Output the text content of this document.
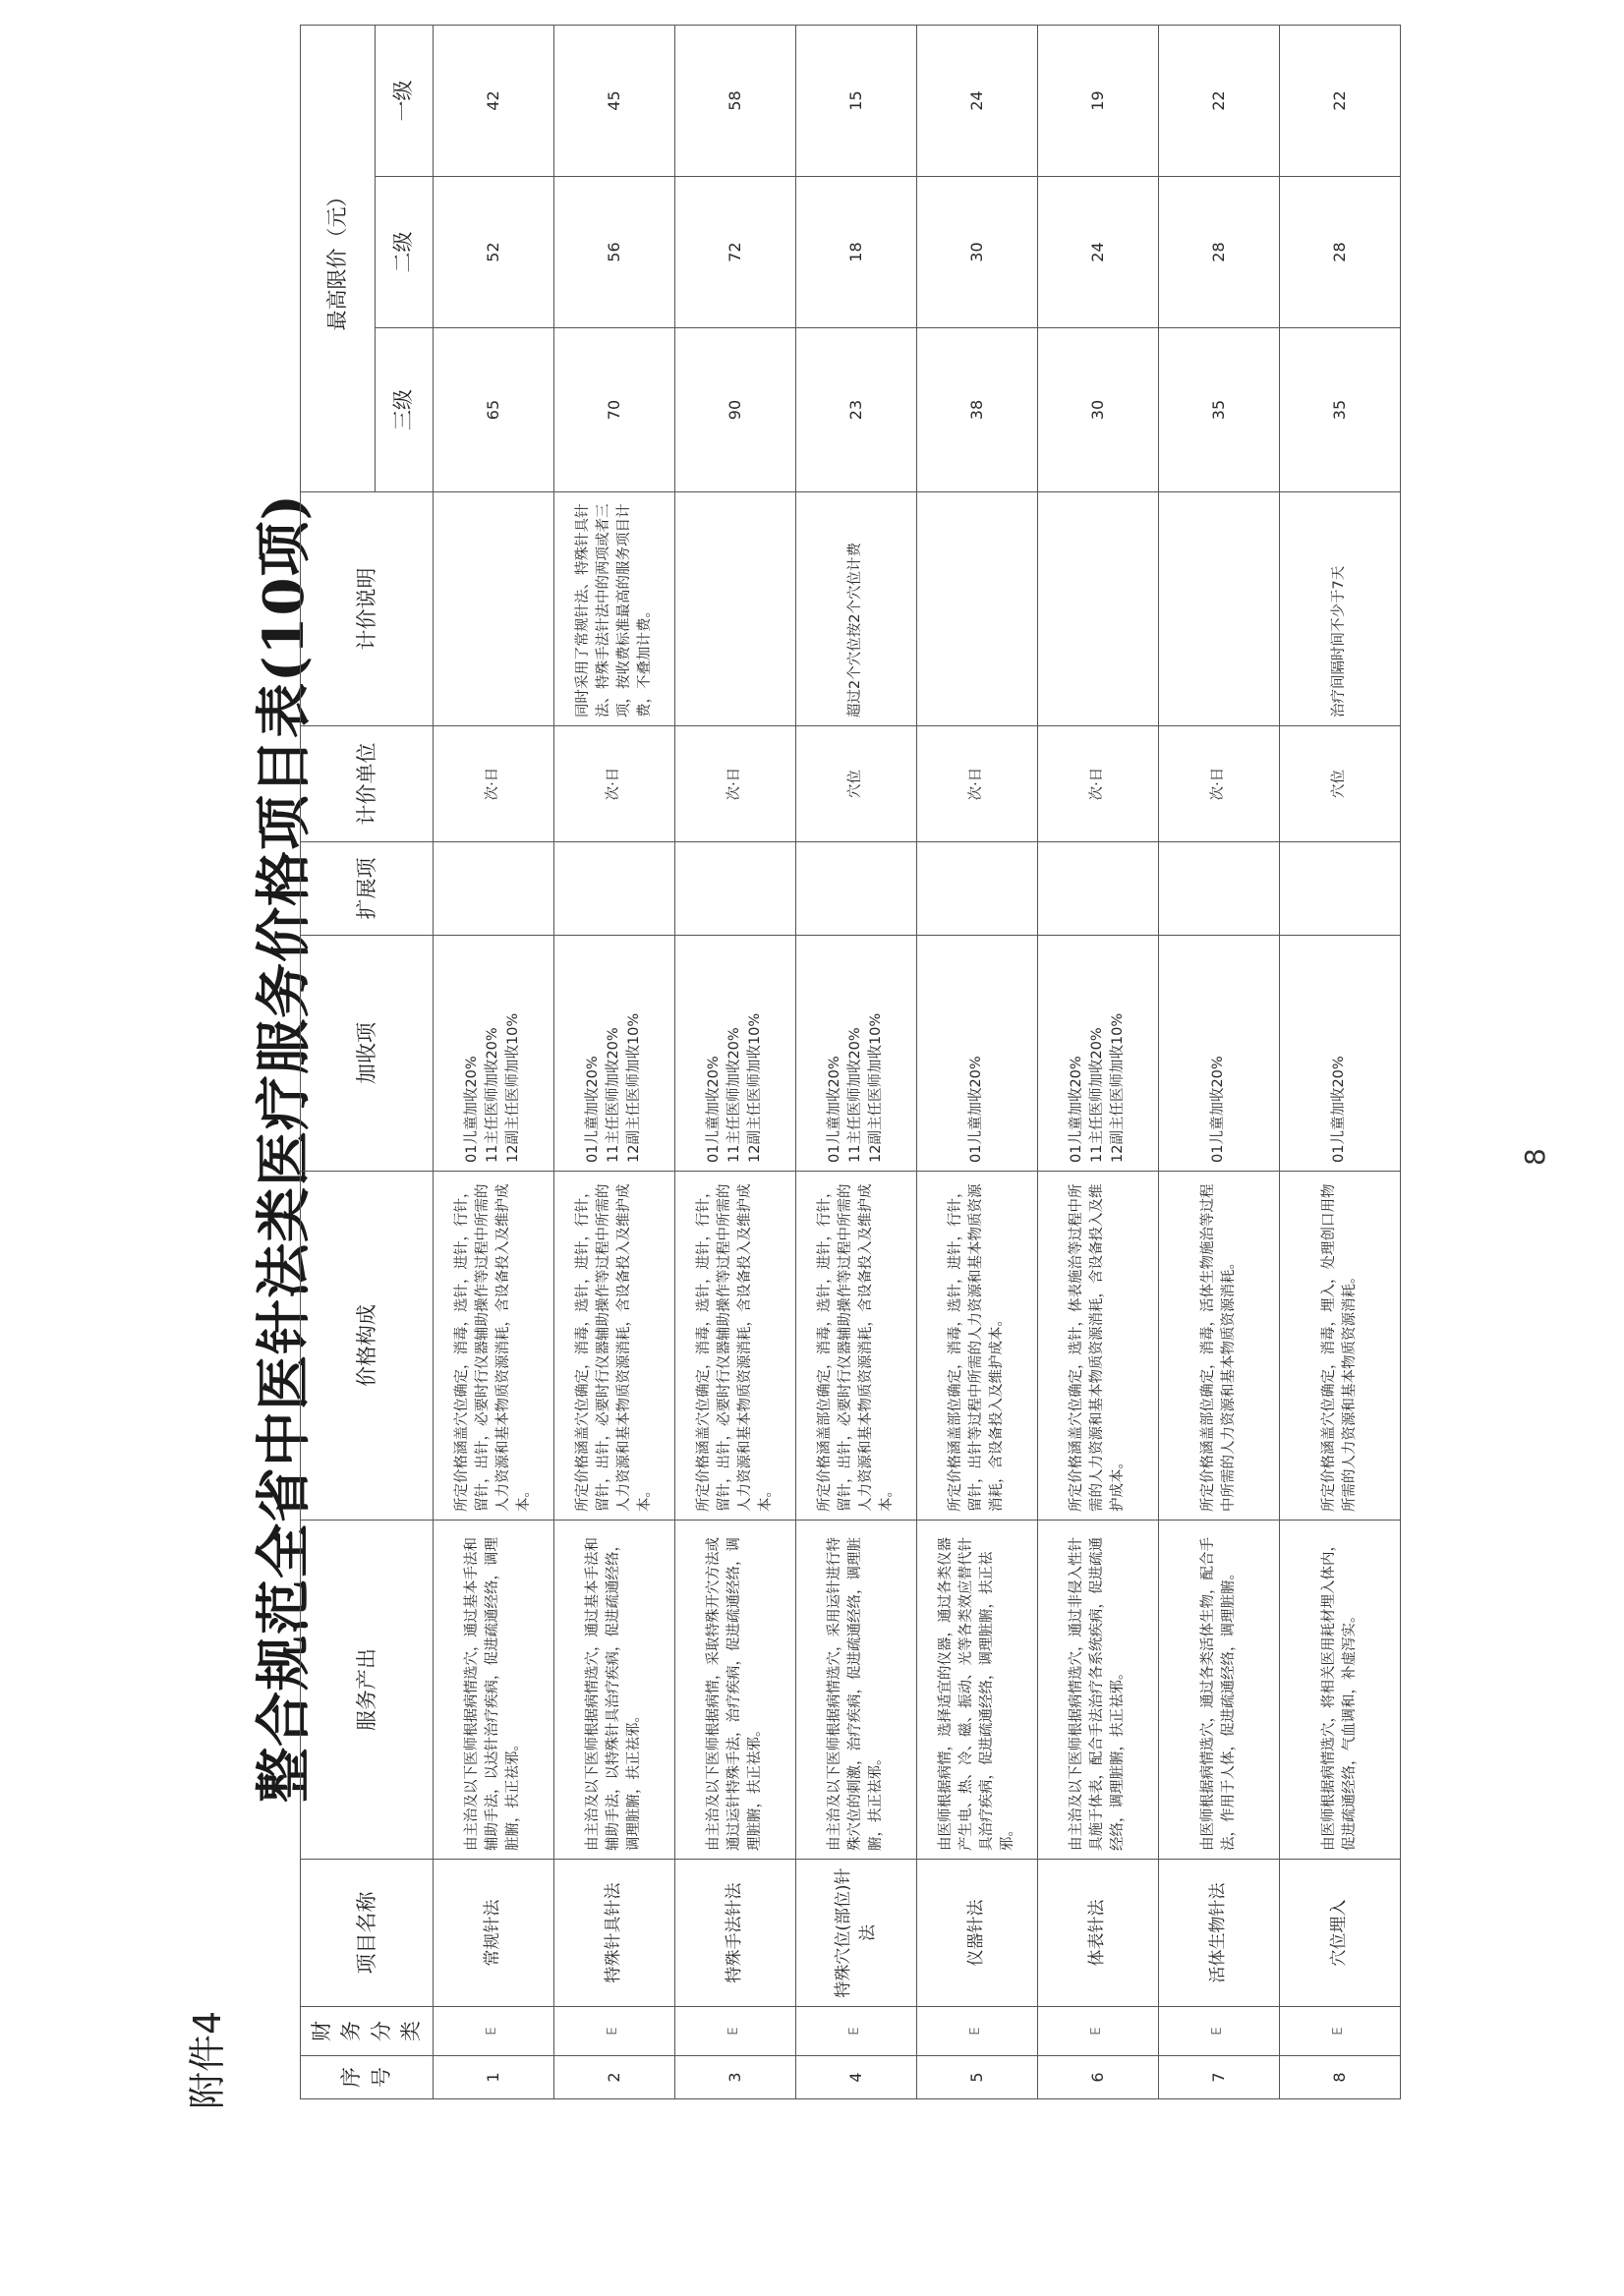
附件4
整合规范全省中医针法类医疗服务价格项目表(10项)
序号	财务分类	项目名称	服务产出	价格构成	加收项	扩展项	计价单位	计价说明	最高限价（元）		
									三级	二级	一级
1	E	常规针法	由主治及以下医师根据病情选穴，通过基本手法和辅助手法，以达针治疗疾病，促进疏通经络，调理脏腑，扶正祛邪。	所定价格涵盖穴位确定，消毒，选针，进针，行针，留针，出针，必要时行仪器辅助操作等过程中所需的人力资源和基本物质资源消耗，含设备投入及维护成本。	01儿童加收20%
11主任医师加收20%
12副主任医师加收10%		次·日		65	52	42
2	E	特殊针具针法	由主治及以下医师根据病情选穴，通过基本手法和辅助手法，以特殊针具治疗疾病，促进疏通经络，调理脏腑，扶正祛邪。	所定价格涵盖穴位确定，消毒，选针，进针，行针，留针，出针，必要时行仪器辅助操作等过程中所需的人力资源和基本物质资源消耗，含设备投入及维护成本。	01儿童加收20%
11主任医师加收20%
12副主任医师加收10%		次·日	同时采用了常规针法、特殊针具针法、特殊手法针法中的两项或者三项，按收费标准最高的服务项目计费，不叠加计费。	70	56	45
3	E	特殊手法针法	由主治及以下医师根据病情，采取特殊开穴方法或通过运针特殊手法，治疗疾病，促进疏通经络，调理脏腑，扶正祛邪。	所定价格涵盖穴位确定，消毒，选针，进针，行针，留针，出针，必要时行仪器辅助操作等过程中所需的人力资源和基本物质资源消耗，含设备投入及维护成本。	01儿童加收20%
11主任医师加收20%
12副主任医师加收10%		次·日		90	72	58
4	E	特殊穴位(部位)针法	由主治及以下医师根据病情选穴，采用运针进行特殊穴位的刺激，治疗疾病，促进疏通经络，调理脏腑，扶正祛邪。	所定价格涵盖部位确定，消毒，选针，进针，行针，留针，出针，必要时行仪器辅助操作等过程中所需的人力资源和基本物质资源消耗，含设备投入及维护成本。	01儿童加收20%
11主任医师加收20%
12副主任医师加收10%		穴位	超过2个穴位按2个穴位计费	23	18	15
5	E	仪器针法	由医师根据病情，选择适宜的仪器，通过各类仪器产生电、热、冷、磁、振动、光等各类效应替代针具治疗疾病，促进疏通经络，调理脏腑，扶正祛邪。	所定价格涵盖部位确定，消毒，选针，进针，行针，留针，出针等过程中所需的人力资源和基本物质资源消耗，含设备投入及维护成本。	01儿童加收20%		次·日		38	30	24
6	E	体表针法	由主治及以下医师根据病情选穴，通过非侵入性针具施于体表，配合手法治疗各系统疾病，促进疏通经络，调理脏腑，扶正祛邪。	所定价格涵盖穴位确定，选针，体表施治等过程中所需的人力资源和基本物质资源消耗，含设备投入及维护成本。	01儿童加收20%
11主任医师加收20%
12副主任医师加收10%		次·日		30	24	19
7	E	活体生物针法	由医师根据病情选穴，通过各类活体生物，配合手法，作用于人体，促进疏通经络，调理脏腑。	所定价格涵盖部位确定，消毒，活体生物施治等过程中所需的人力资源和基本物质资源消耗。	01儿童加收20%		次·日		35	28	22
8	E	穴位埋入	由医师根据病情选穴，将相关医用耗材埋入体内，促进疏通经络，气血调和，补虚泻实。	所定价格涵盖穴位确定，消毒，埋入，处理创口用物所需的人力资源和基本物质资源消耗。	01儿童加收20%		穴位	治疗间隔时间不少于7天	35	28	22
8
